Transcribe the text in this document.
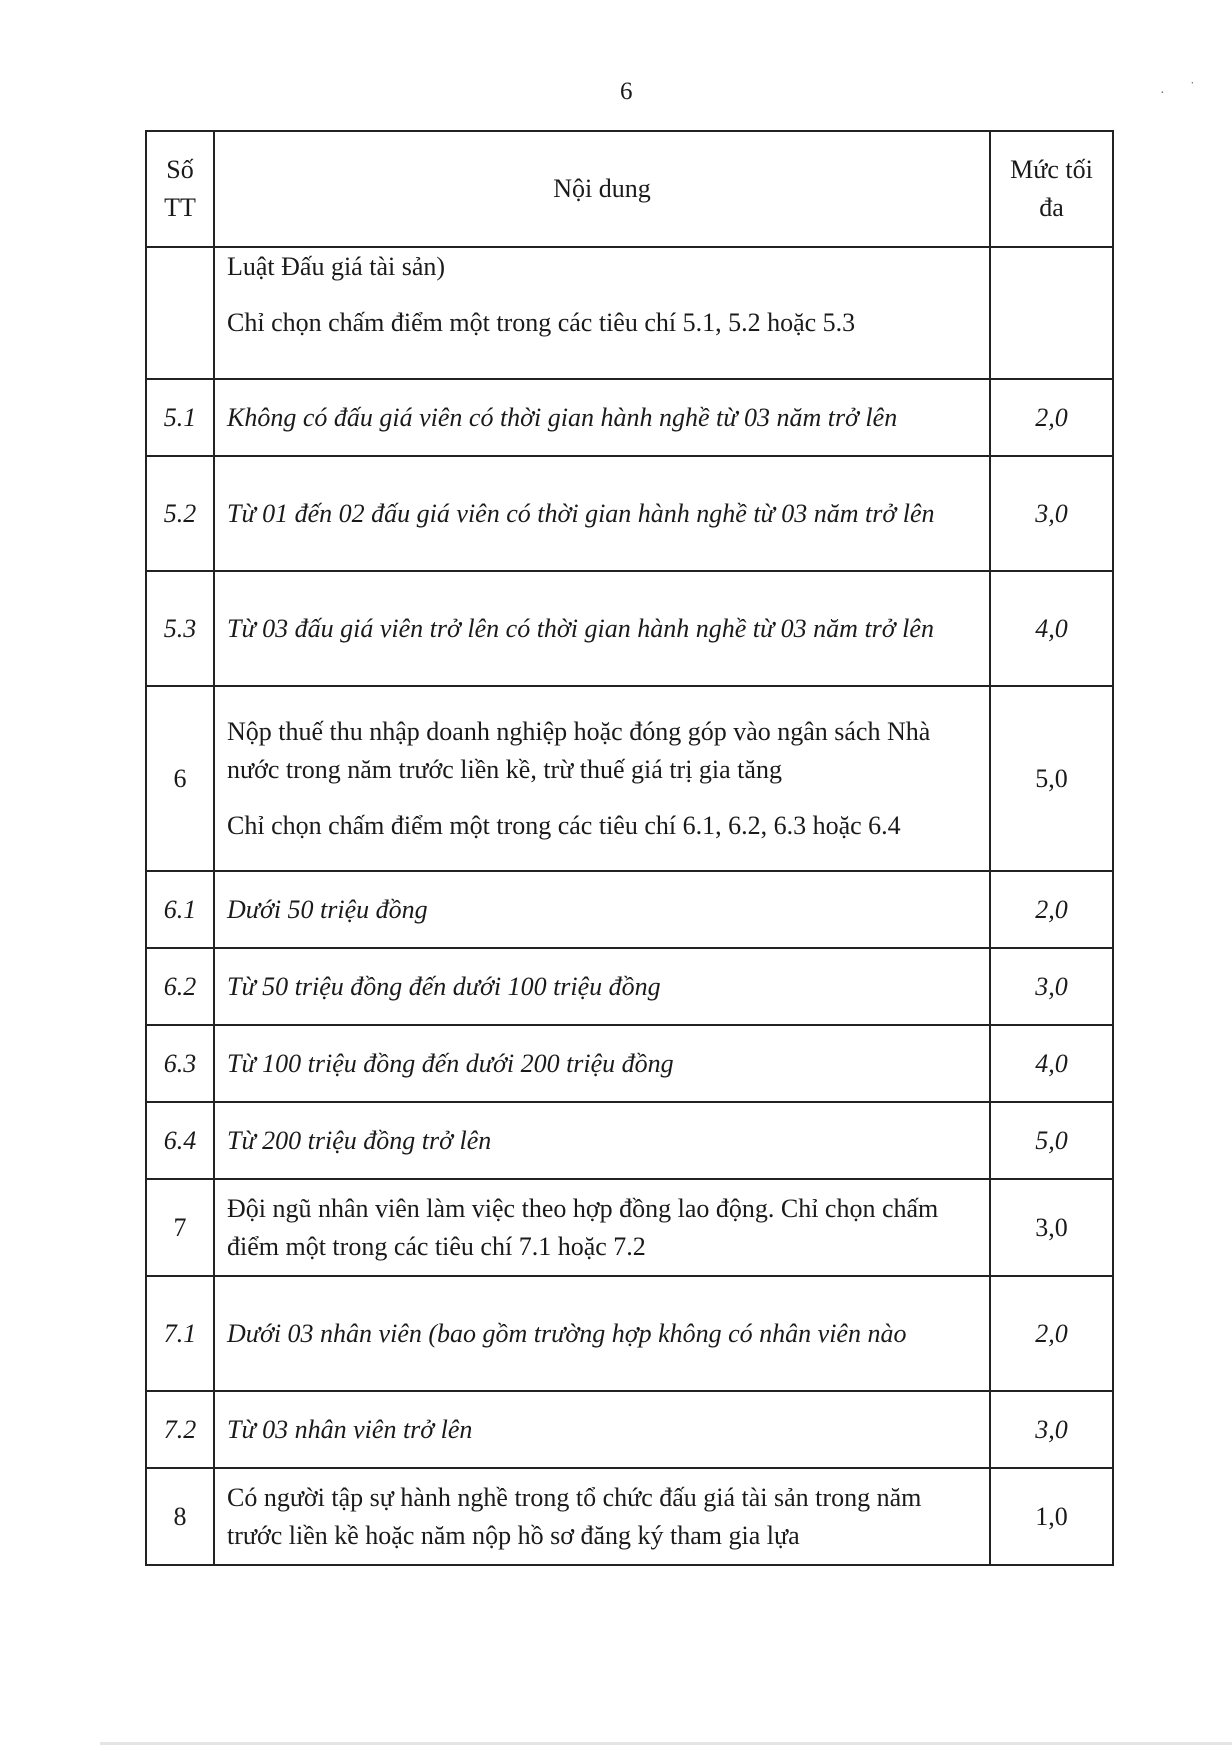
6	· ˙
Số TT	Nội dung	Mức tối đa

	Luật Đấu giá tài sản)
Chỉ chọn chấm điểm một trong các tiêu chí 5.1, 5.2 hoặc 5.3	

5.1	Không có đấu giá viên có thời gian hành nghề từ 03 năm trở lên	2,0
5.2	Từ 01 đến 02 đấu giá viên có thời gian hành nghề từ 03 năm trở lên	3,0
5.3	Từ 03 đấu giá viên trở lên có thời gian hành nghề từ 03 năm trở lên	4,0
6	Nộp thuế thu nhập doanh nghiệp hoặc đóng góp vào ngân sách Nhà nước trong năm trước liền kề, trừ thuế giá trị gia tăng
Chỉ chọn chấm điểm một trong các tiêu chí 6.1, 6.2, 6.3 hoặc 6.4	5,0
6.1	Dưới 50 triệu đồng	2,0
6.2	Từ 50 triệu đồng đến dưới 100 triệu đồng	3,0
6.3	Từ 100 triệu đồng đến dưới 200 triệu đồng	4,0
6.4	Từ 200 triệu đồng trở lên	5,0
7	Đội ngũ nhân viên làm việc theo hợp đồng lao động. Chỉ chọn chấm điểm một trong các tiêu chí 7.1 hoặc 7.2	3,0
7.1	Dưới 03 nhân viên (bao gồm trường hợp không có nhân viên nào	2,0
7.2	Từ 03 nhân viên trở lên	3,0
8	Có người tập sự hành nghề trong tổ chức đấu giá tài sản trong năm trước liền kề hoặc năm nộp hồ sơ đăng ký tham gia lựa	1,0
